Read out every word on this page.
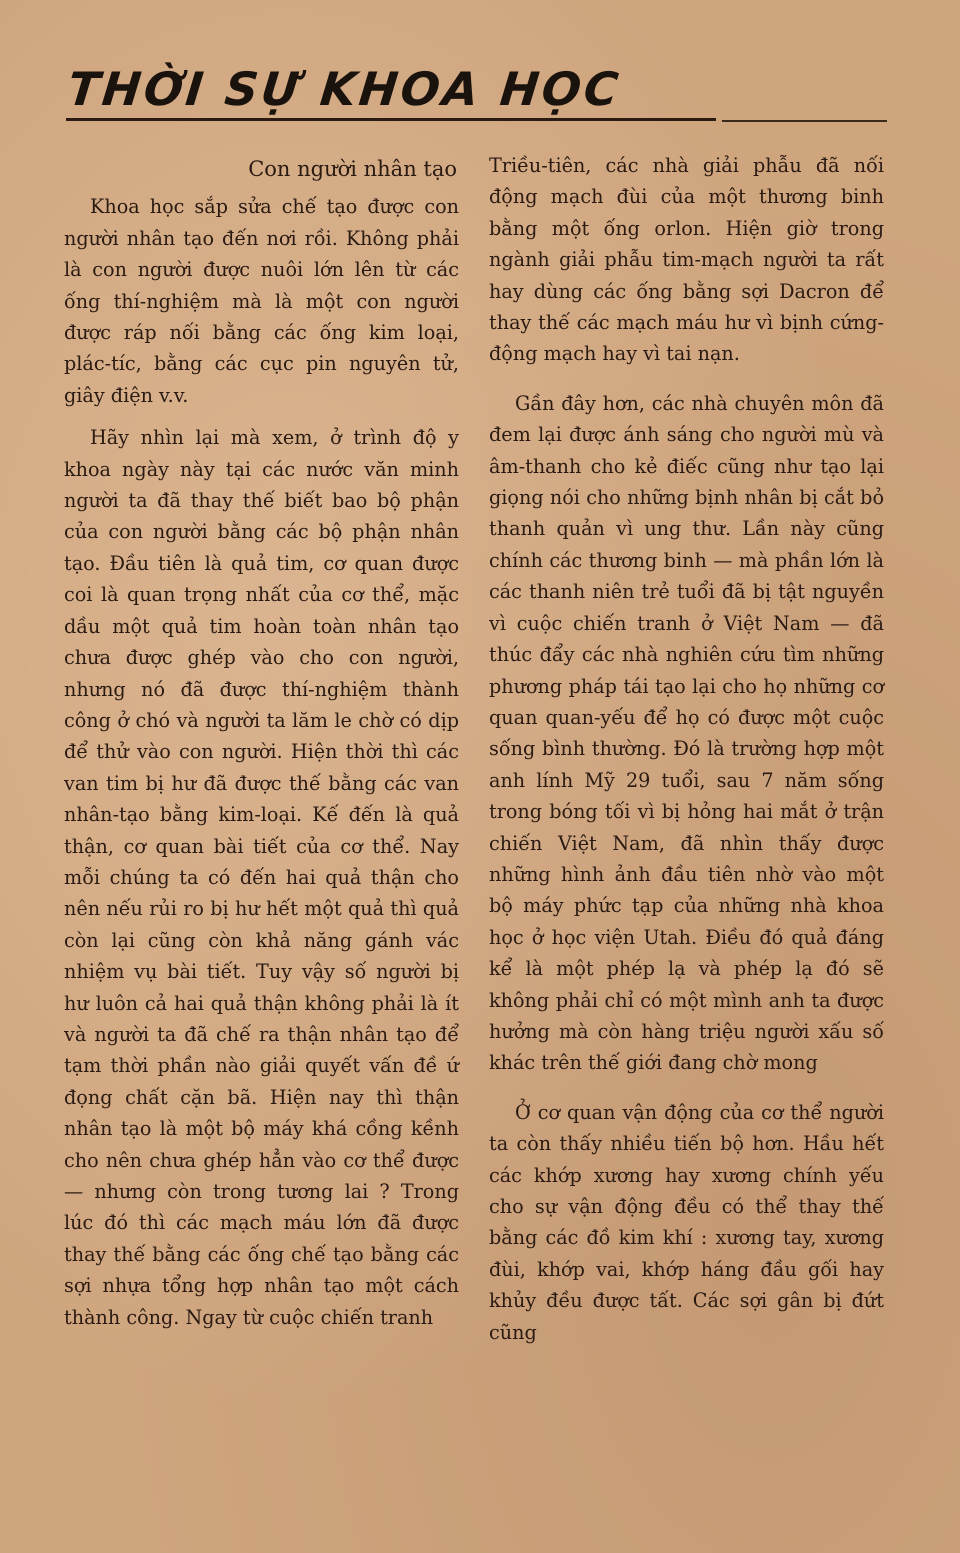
THỜI SỰ KHOA HỌC
Con người nhân tạo

Khoa học sắp sửa chế tạo được con người nhân tạo đến nơi rồi. Không phải là con người được nuôi lớn lên từ các ống thí-nghiệm mà là một con người được ráp nối bằng các ống kim loại, plác-tíc, bằng các cục pin nguyên tử, giây điện v.v.

Hãy nhìn lại mà xem, ở trình độ y khoa ngày này tại các nước văn minh người ta đã thay thế biết bao bộ phận của con người bằng các bộ phận nhân tạo. Đầu tiên là quả tim, cơ quan được coi là quan trọng nhất của cơ thể, mặc dầu một quả tim hoàn toàn nhân tạo chưa được ghép vào cho con người, nhưng nó đã được thí-nghiệm thành công ở chó và người ta lăm le chờ có dịp để thử vào con người. Hiện thời thì các van tim bị hư đã được thế bằng các van nhân-tạo bằng kim-loại. Kế đến là quả thận, cơ quan bài tiết của cơ thể. Nay mỗi chúng ta có đến hai quả thận cho nên nếu rủi ro bị hư hết một quả thì quả còn lại cũng còn khả năng gánh vác nhiệm vụ bài tiết. Tuy vậy số người bị hư luôn cả hai quả thận không phải là ít và người ta đã chế ra thận nhân tạo để tạm thời phần nào giải quyết vấn đề ứ đọng chất cặn bã. Hiện nay thì thận nhân tạo là một bộ máy khá cồng kềnh cho nên chưa ghép hẳn vào cơ thể được — nhưng còn trong tương lai ? Trong lúc đó thì các mạch máu lớn đã được thay thế bằng các ống chế tạo bằng các sợi nhựa tổng hợp nhân tạo một cách thành công. Ngay từ cuộc chiến tranh

Triều-tiên, các nhà giải phẫu đã nối động mạch đùi của một thương binh bằng một ống orlon. Hiện giờ trong ngành giải phẫu tim-mạch người ta rất hay dùng các ống bằng sợi Dacron để thay thế các mạch máu hư vì bịnh cứng-động mạch hay vì tai nạn.

Gần đây hơn, các nhà chuyên môn đã đem lại được ánh sáng cho người mù và âm-thanh cho kẻ điếc cũng như tạo lại giọng nói cho những bịnh nhân bị cắt bỏ thanh quản vì ung thư. Lần này cũng chính các thương binh — mà phần lớn là các thanh niên trẻ tuổi đã bị tật nguyền vì cuộc chiến tranh ở Việt Nam — đã thúc đẩy các nhà nghiên cứu tìm những phương pháp tái tạo lại cho họ những cơ quan quan-yếu để họ có được một cuộc sống bình thường. Đó là trường hợp một anh lính Mỹ 29 tuổi, sau 7 năm sống trong bóng tối vì bị hỏng hai mắt ở trận chiến Việt Nam, đã nhìn thấy được những hình ảnh đầu tiên nhờ vào một bộ máy phức tạp của những nhà khoa học ở học viện Utah. Điều đó quả đáng kể là một phép lạ và phép lạ đó sẽ không phải chỉ có một mình anh ta được hưởng mà còn hàng triệu người xấu số khác trên thế giới đang chờ mong

Ở cơ quan vận động của cơ thể người ta còn thấy nhiều tiến bộ hơn. Hầu hết các khớp xương hay xương chính yếu cho sự vận động đều có thể thay thế bằng các đồ kim khí : xương tay, xương đùi, khớp vai, khớp háng đầu gối hay khủy đều được tất. Các sợi gân bị đứt cũng
